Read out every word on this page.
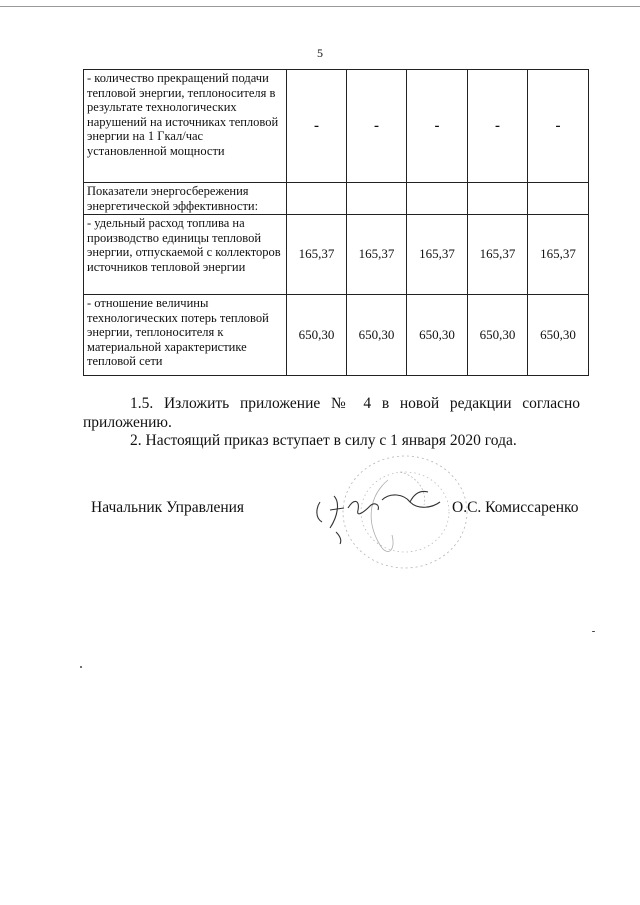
5
- количество прекращений подачи тепловой энергии, теплоносителя в результате технологических нарушений на источниках тепловой энергии на 1 Гкал/час установленной мощности	-	-	-	-	-
Показатели энергосбережения энергетической эффективности:					
- удельный расход топлива на производство единицы тепловой энергии, отпускаемой с коллекторов источников тепловой энергии	165,37	165,37	165,37	165,37	165,37
- отношение величины технологических потерь тепловой энергии, теплоносителя к материальной характеристике тепловой сети	650,30	650,30	650,30	650,30	650,30
1.5. Изложить приложение № 4 в новой редакции согласно приложению.
2. Настоящий приказ вступает в силу с 1 января 2020 года.
Начальник Управления	О.С. Комиссаренко
